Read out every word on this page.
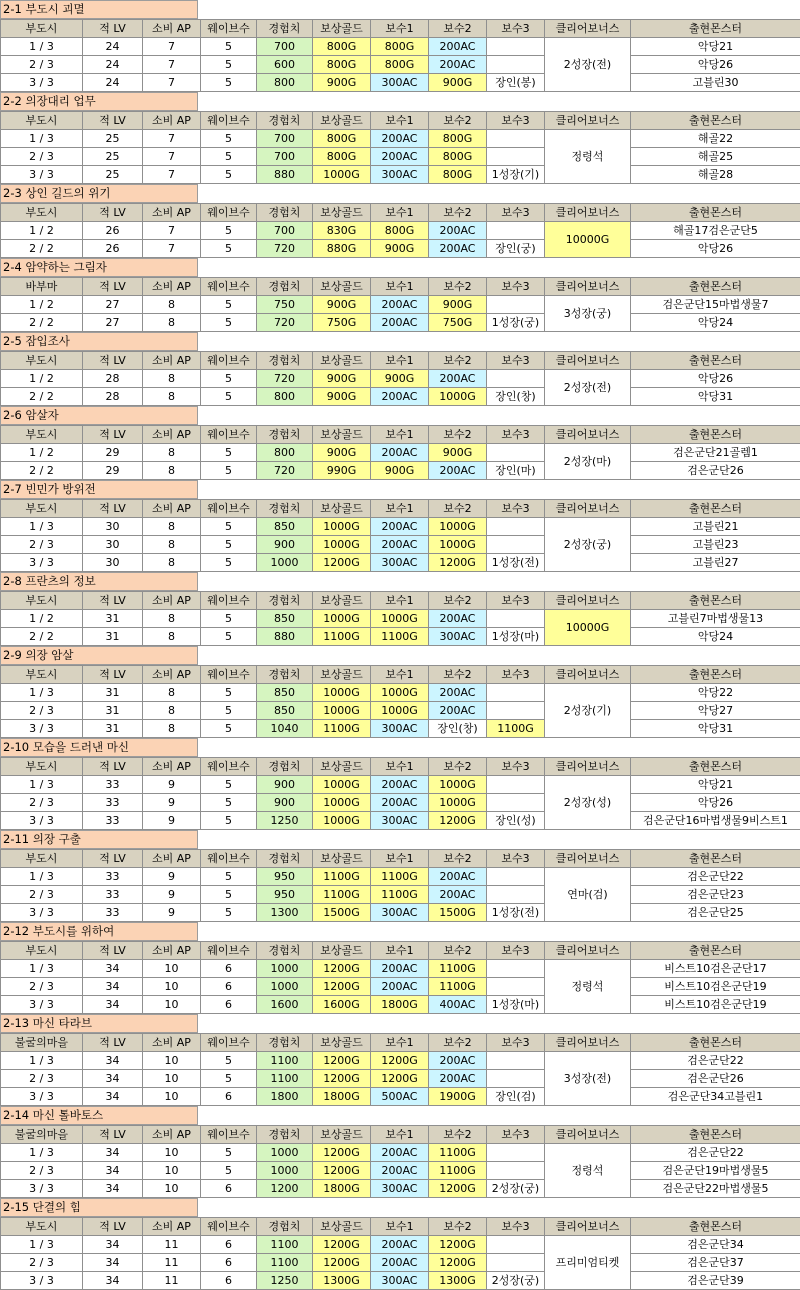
2-1 부도시 괴멸
부도시	적 LV	소비 AP	웨이브수	경험치	보상골드	보수1	보수2	보수3	클리어보너스	출현몬스터
1 / 3	24	7	5	700	800G	800G	200AC		2성장(전)	악당21
2 / 3	24	7	5	600	800G	800G	200AC			악당26
3 / 3	24	7	5	800	900G	300AC	900G	장인(봉)		고블린30
2-2 의장대리 업무
부도시	적 LV	소비 AP	웨이브수	경험치	보상골드	보수1	보수2	보수3	클리어보너스	출현몬스터
1 / 3	25	7	5	700	800G	200AC	800G		정령석	해골22
2 / 3	25	7	5	700	800G	200AC	800G			해골25
3 / 3	25	7	5	880	1000G	300AC	800G	1성장(기)		해골28
2-3 상인 길드의 위기
부도시	적 LV	소비 AP	웨이브수	경험치	보상골드	보수1	보수2	보수3	클리어보너스	출현몬스터
1 / 2	26	7	5	700	830G	800G	200AC		10000G	해골17검은군단5
2 / 2	26	7	5	720	880G	900G	200AC	장인(궁)		악당26
2-4 암약하는 그림자
바부마	적 LV	소비 AP	웨이브수	경험치	보상골드	보수1	보수2	보수3	클리어보너스	출현몬스터
1 / 2	27	8	5	750	900G	200AC	900G		3성장(궁)	검은군단15마법생물7
2 / 2	27	8	5	720	750G	200AC	750G	1성장(궁)		악당24
2-5 잠입조사
부도시	적 LV	소비 AP	웨이브수	경험치	보상골드	보수1	보수2	보수3	클리어보너스	출현몬스터
1 / 2	28	8	5	720	900G	900G	200AC		2성장(전)	악당26
2 / 2	28	8	5	800	900G	200AC	1000G	장인(창)		악당31
2-6 암살자
부도시	적 LV	소비 AP	웨이브수	경험치	보상골드	보수1	보수2	보수3	클리어보너스	출현몬스터
1 / 2	29	8	5	800	900G	200AC	900G		2성장(마)	검은군단21골렘1
2 / 2	29	8	5	720	990G	900G	200AC	장인(마)		검은군단26
2-7 빈민가 방위전
부도시	적 LV	소비 AP	웨이브수	경험치	보상골드	보수1	보수2	보수3	클리어보너스	출현몬스터
1 / 3	30	8	5	850	1000G	200AC	1000G		2성장(궁)	고블린21
2 / 3	30	8	5	900	1000G	200AC	1000G			고블린23
3 / 3	30	8	5	1000	1200G	300AC	1200G	1성장(전)		고블린27
2-8 프란츠의 정보
부도시	적 LV	소비 AP	웨이브수	경험치	보상골드	보수1	보수2	보수3	클리어보너스	출현몬스터
1 / 2	31	8	5	850	1000G	1000G	200AC		10000G	고블린7마법생물13
2 / 2	31	8	5	880	1100G	1100G	300AC	1성장(마)		악당24
2-9 의장 암살
부도시	적 LV	소비 AP	웨이브수	경험치	보상골드	보수1	보수2	보수3	클리어보너스	출현몬스터
1 / 3	31	8	5	850	1000G	1000G	200AC		2성장(기)	악당22
2 / 3	31	8	5	850	1000G	1000G	200AC			악당27
3 / 3	31	8	5	1040	1100G	300AC	장인(창)	1100G		악당31
2-10 모습을 드러낸 마신
부도시	적 LV	소비 AP	웨이브수	경험치	보상골드	보수1	보수2	보수3	클리어보너스	출현몬스터
1 / 3	33	9	5	900	1000G	200AC	1000G		2성장(성)	악당21
2 / 3	33	9	5	900	1000G	200AC	1000G			악당26
3 / 3	33	9	5	1250	1000G	300AC	1200G	장인(성)		검은군단16마법생물9비스트1
2-11 의장 구출
부도시	적 LV	소비 AP	웨이브수	경험치	보상골드	보수1	보수2	보수3	클리어보너스	출현몬스터
1 / 3	33	9	5	950	1100G	1100G	200AC		연마(검)	검은군단22
2 / 3	33	9	5	950	1100G	1100G	200AC			검은군단23
3 / 3	33	9	5	1300	1500G	300AC	1500G	1성장(전)		검은군단25
2-12 부도시를 위하여
부도시	적 LV	소비 AP	웨이브수	경험치	보상골드	보수1	보수2	보수3	클리어보너스	출현몬스터
1 / 3	34	10	6	1000	1200G	200AC	1100G		정령석	비스트10검은군단17
2 / 3	34	10	6	1000	1200G	200AC	1100G			비스트10검은군단19
3 / 3	34	10	6	1600	1600G	1800G	400AC	1성장(마)		비스트10검은군단19
2-13 마신 타라브
불굴의마을	적 LV	소비 AP	웨이브수	경험치	보상골드	보수1	보수2	보수3	클리어보너스	출현몬스터
1 / 3	34	10	5	1100	1200G	1200G	200AC		3성장(전)	검은군단22
2 / 3	34	10	5	1100	1200G	1200G	200AC			검은군단26
3 / 3	34	10	6	1800	1800G	500AC	1900G	장인(검)		검은군단34고블린1
2-14 마신 톨바토스
불굴의마을	적 LV	소비 AP	웨이브수	경험치	보상골드	보수1	보수2	보수3	클리어보너스	출현몬스터
1 / 3	34	10	5	1000	1200G	200AC	1100G		정령석	검은군단22
2 / 3	34	10	5	1000	1200G	200AC	1100G			검은군단19마법생물5
3 / 3	34	10	6	1200	1800G	300AC	1200G	2성장(궁)		검은군단22마법생물5
2-15 단결의 힘
부도시	적 LV	소비 AP	웨이브수	경험치	보상골드	보수1	보수2	보수3	클리어보너스	출현몬스터
1 / 3	34	11	6	1100	1200G	200AC	1200G		프리미엄티켓	검은군단34
2 / 3	34	11	6	1100	1200G	200AC	1200G			검은군단37
3 / 3	34	11	6	1250	1300G	300AC	1300G	2성장(궁)		검은군단39
